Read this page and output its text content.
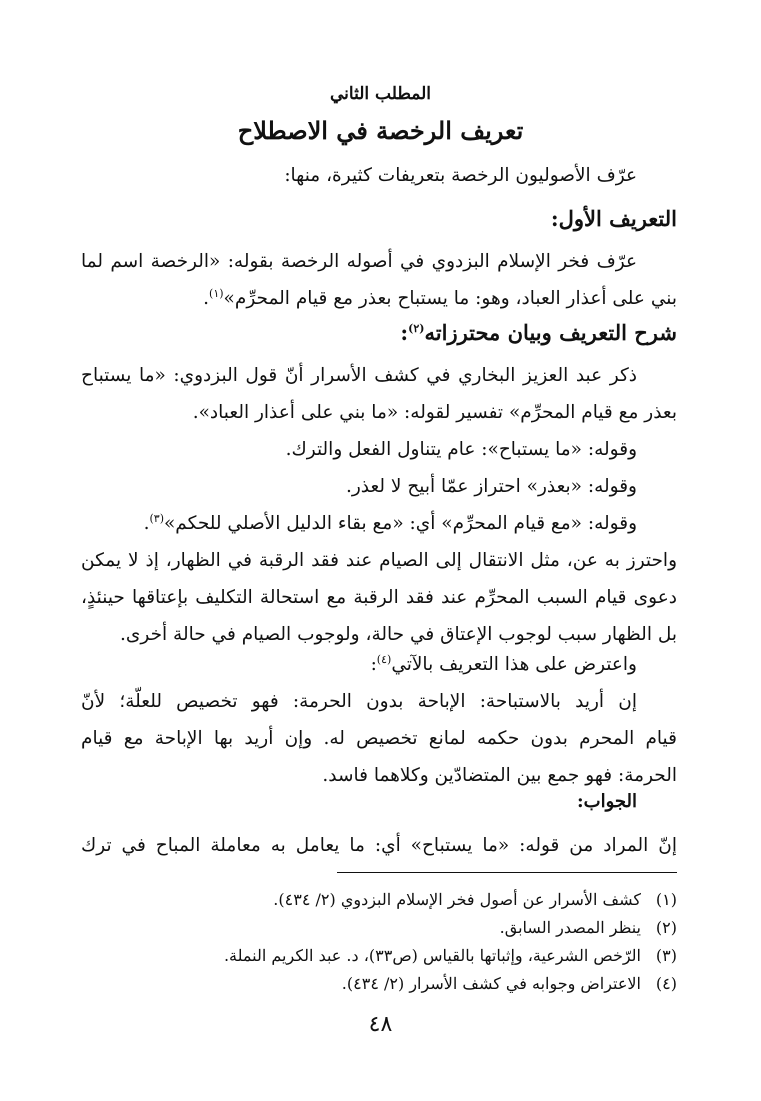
المطلب الثاني
تعريف الرخصة في الاصطلاح
عرّف الأصوليون الرخصة بتعريفات كثيرة، منها:
التعريف الأول:
عرّف فخر الإسلام البزدوي في أصوله الرخصة بقوله: «الرخصة اسم لما
بني على أعذار العباد، وهو: ما يستباح بعذر مع قيام المحرِّم»$^{(١)}$.
شرح التعريف وبيان محترزاته$^{(٢)}$:
ذكر عبد العزيز البخاري في كشف الأسرار أنّ قول البزدوي: «ما يستباح
بعذر مع قيام المحرِّم» تفسير لقوله: «ما بني على أعذار العباد».
وقوله: «ما يستباح»: عام يتناول الفعل والترك.
وقوله: «بعذر» احتراز عمّا أبيح لا لعذر.
وقوله: «مع قيام المحرِّم» أي: «مع بقاء الدليل الأصلي للحكم»$^{(٣)}$.
واحترز به عن، مثل الانتقال إلى الصيام عند فقد الرقبة في الظهار، إذ لا يمكن
دعوى قيام السبب المحرِّم عند فقد الرقبة مع استحالة التكليف بإعتاقها حينئذٍ،
بل الظهار سبب لوجوب الإعتاق في حالة، ولوجوب الصيام في حالة أخرى.
واعترض على هذا التعريف بالآتي$^{(٤)}$:
إن أريد بالاستباحة: الإباحة بدون الحرمة: فهو تخصيص للعلّة؛ لأنّ
قيام المحرم بدون حكمه لمانع تخصيص له. وإن أريد بها الإباحة مع قيام
الحرمة: فهو جمع بين المتضادّين وكلاهما فاسد.
الجواب:
إنّ المراد من قوله: «ما يستباح» أي: ما يعامل به معاملة المباح في ترك
(١)كشف الأسرار عن أصول فخر الإسلام البزدوي (٢/ ٤٣٤).
(٢)ينظر المصدر السابق.
(٣)الرّخص الشرعية، وإثباتها بالقياس (ص٣٣)، د. عبد الكريم النملة.
(٤)الاعتراض وجوابه في كشف الأسرار (٢/ ٤٣٤).
٤٨
